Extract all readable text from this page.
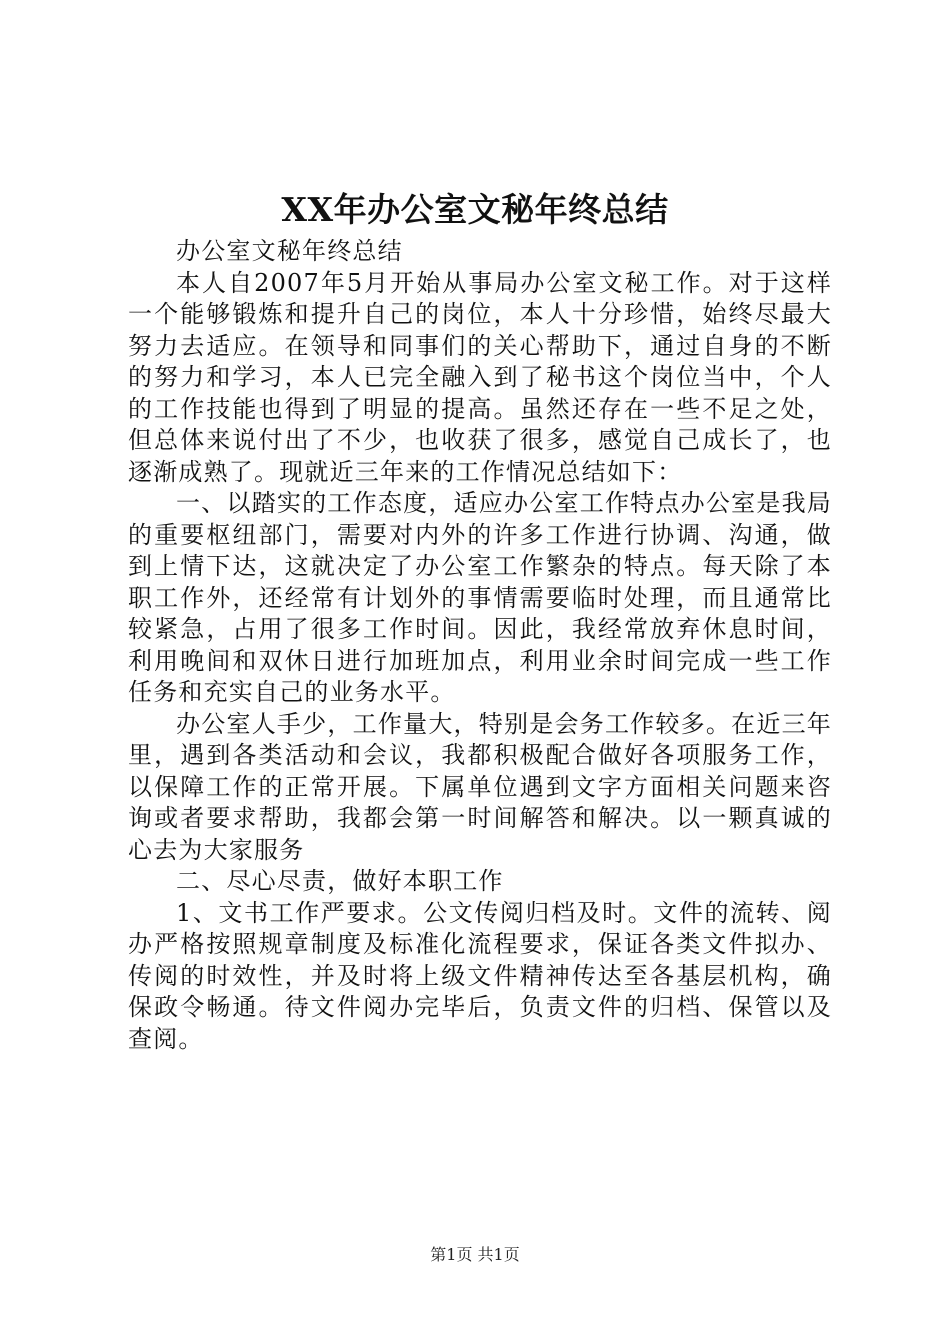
XX年办公室文秘年终总结

办公室文秘年终总结

本人自2007年5月开始从事局办公室文秘工作。对于这样一个能够锻炼和提升自己的岗位，本人十分珍惜，始终尽最大努力去适应。在领导和同事们的关心帮助下，通过自身的不断的努力和学习，本人已完全融入到了秘书这个岗位当中，个人的工作技能也得到了明显的提高。虽然还存在一些不足之处，但总体来说付出了不少，也收获了很多，感觉自己成长了，也逐渐成熟了。现就近三年来的工作情况总结如下：

一、以踏实的工作态度，适应办公室工作特点办公室是我局的重要枢纽部门，需要对内外的许多工作进行协调、沟通，做到上情下达，这就决定了办公室工作繁杂的特点。每天除了本职工作外，还经常有计划外的事情需要临时处理，而且通常比较紧急，占用了很多工作时间。因此，我经常放弃休息时间，利用晚间和双休日进行加班加点，利用业余时间完成一些工作任务和充实自己的业务水平。

办公室人手少，工作量大，特别是会务工作较多。在近三年里，遇到各类活动和会议，我都积极配合做好各项服务工作，以保障工作的正常开展。下属单位遇到文字方面相关问题来咨询或者要求帮助，我都会第一时间解答和解决。以一颗真诚的心去为大家服务

二、尽心尽责，做好本职工作

1、文书工作严要求。公文传阅归档及时。文件的流转、阅办严格按照规章制度及标准化流程要求，保证各类文件拟办、传阅的时效性，并及时将上级文件精神传达至各基层机构，确保政令畅通。待文件阅办完毕后，负责文件的归档、保管以及查阅。

第1页 共1页
